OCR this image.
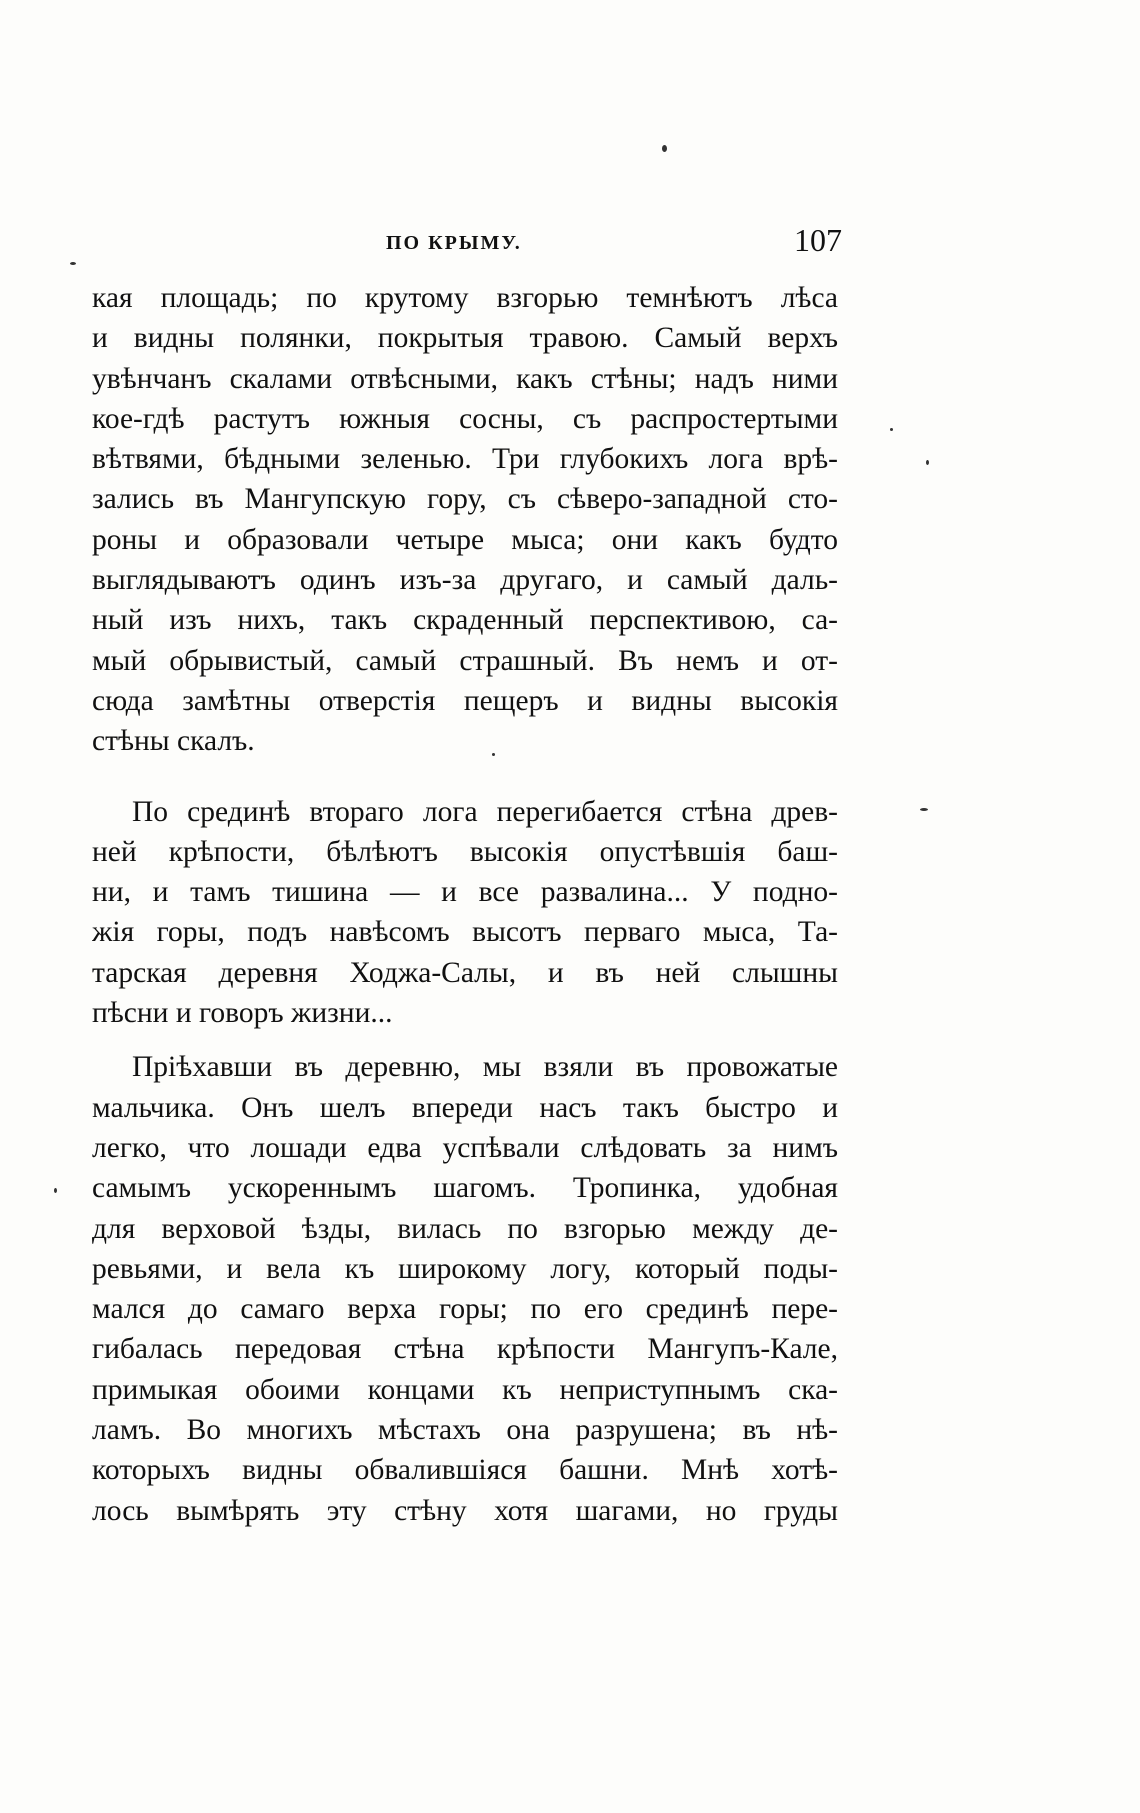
ПО КРЫМУ.	107
кая площадь; по крутому взгорью темнѣютъ лѣса
и видны полянки, покрытыя травою. Самый верхъ
увѣнчанъ скалами отвѣсными, какъ стѣны; надъ ними
кое-гдѣ растутъ южныя сосны, съ распростертыми
вѣтвями, бѣдными зеленью. Три глубокихъ лога врѣ-
зались въ Мангупскую гору, съ сѣверо-западной сто-
роны и образовали четыре мыса; они какъ будто
выглядываютъ одинъ изъ-за другаго, и самый даль-
ный изъ нихъ, такъ скраденный перспективою, са-
мый обрывистый, самый страшный. Въ немъ и от-
сюда замѣтны отверстія пещеръ и видны высокія
стѣны скалъ.
По срединѣ втораго лога перегибается стѣна древ-
ней крѣпости, бѣлѣютъ высокія опустѣвшія баш-
ни, и тамъ тишина — и все развалина... У подно-
жія горы, подъ навѣсомъ высотъ перваго мыса, Та-
тарская деревня Ходжа-Салы, и въ ней слышны
пѣсни и говоръ жизни...
Пріѣхавши въ деревню, мы взяли въ провожатые
мальчика. Онъ шелъ впереди насъ такъ быстро и
легко, что лошади едва успѣвали слѣдовать за нимъ
самымъ ускореннымъ шагомъ. Тропинка, удобная
для верховой ѣзды, вилась по взгорью между де-
ревьями, и вела къ широкому логу, который поды-
мался до самаго верха горы; по его срединѣ пере-
гибалась передовая стѣна крѣпости Мангупъ-Кале,
примыкая обоими концами къ неприступнымъ ска-
ламъ. Во многихъ мѣстахъ она разрушена; въ нѣ-
которыхъ видны обвалившіяся башни. Мнѣ хотѣ-
лось вымѣрять эту стѣну хотя шагами, но груды
